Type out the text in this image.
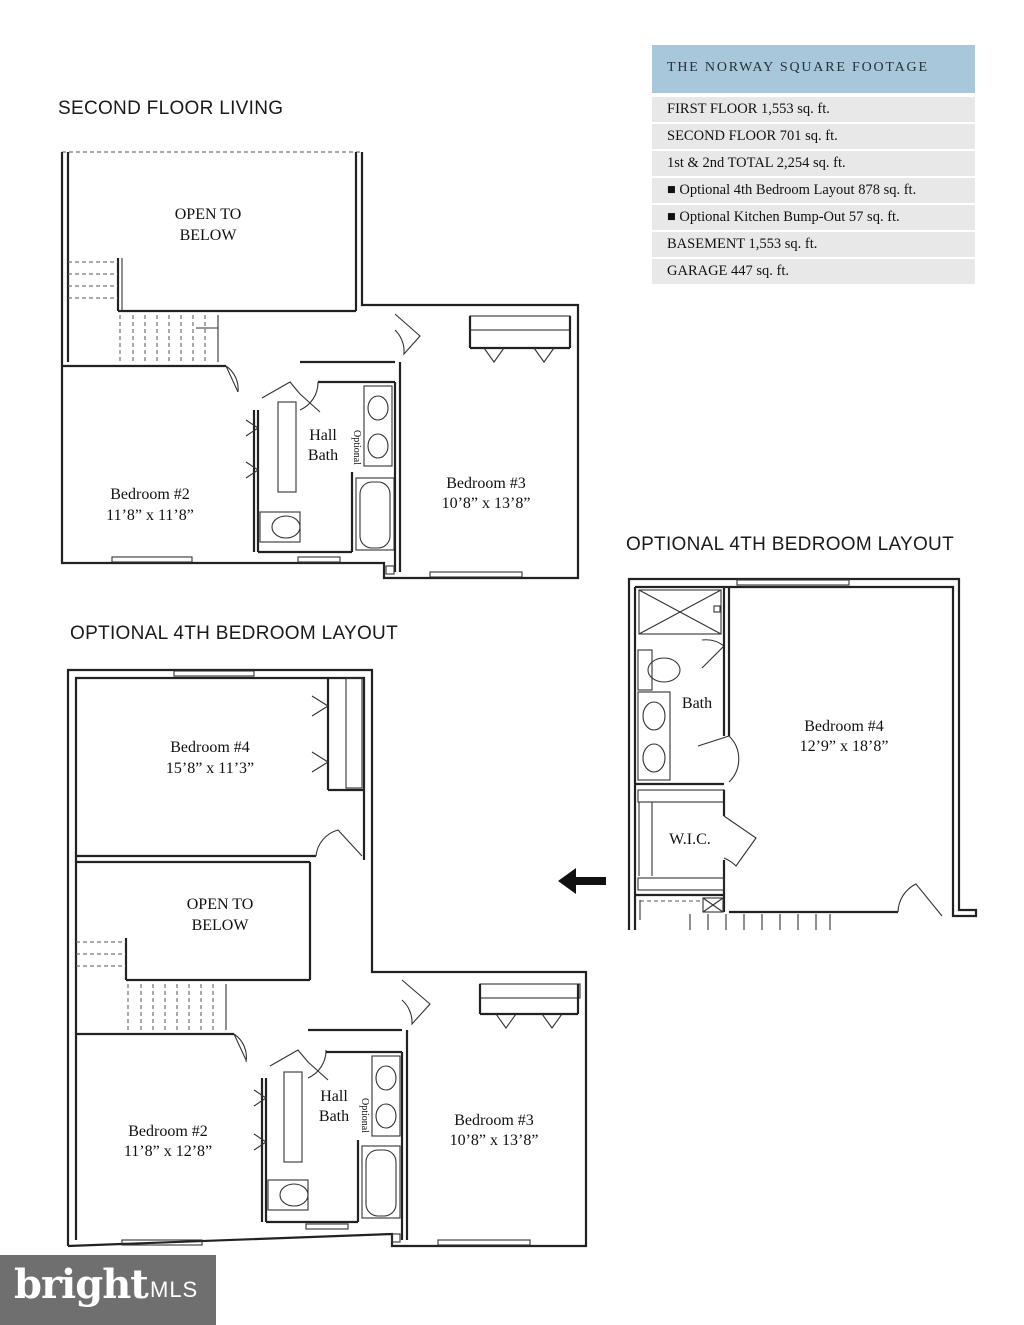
SECOND FLOOR LIVING
OPTIONAL 4TH BEDROOM LAYOUT
OPTIONAL 4TH BEDROOM LAYOUT
THE NORWAY SQUARE FOOTAGE
FIRST FLOOR 1,553 sq. ft.
SECOND FLOOR 701 sq. ft.
1st & 2nd TOTAL 2,254 sq. ft.
■ Optional 4th Bedroom Layout 878 sq. ft.
■ Optional Kitchen Bump-Out 57 sq. ft.
BASEMENT 1,553 sq. ft.
GARAGE 447 sq. ft.
OPEN TO
BELOW
Bedroom #2
11’8” x 11’8”
Hall
Bath Optional
Bedroom #3
10’8” x 13’8”
Bath
W.I.C.
Bedroom #4
12’9” x 18’8”
Bedroom #4
15’8” x 11’3”
OPEN TO
BELOW
Bedroom #2
11’8” x 12’8”
Hall
Bath Optional	Bedroom #3
10’8” x 13’8”
bright MLS
